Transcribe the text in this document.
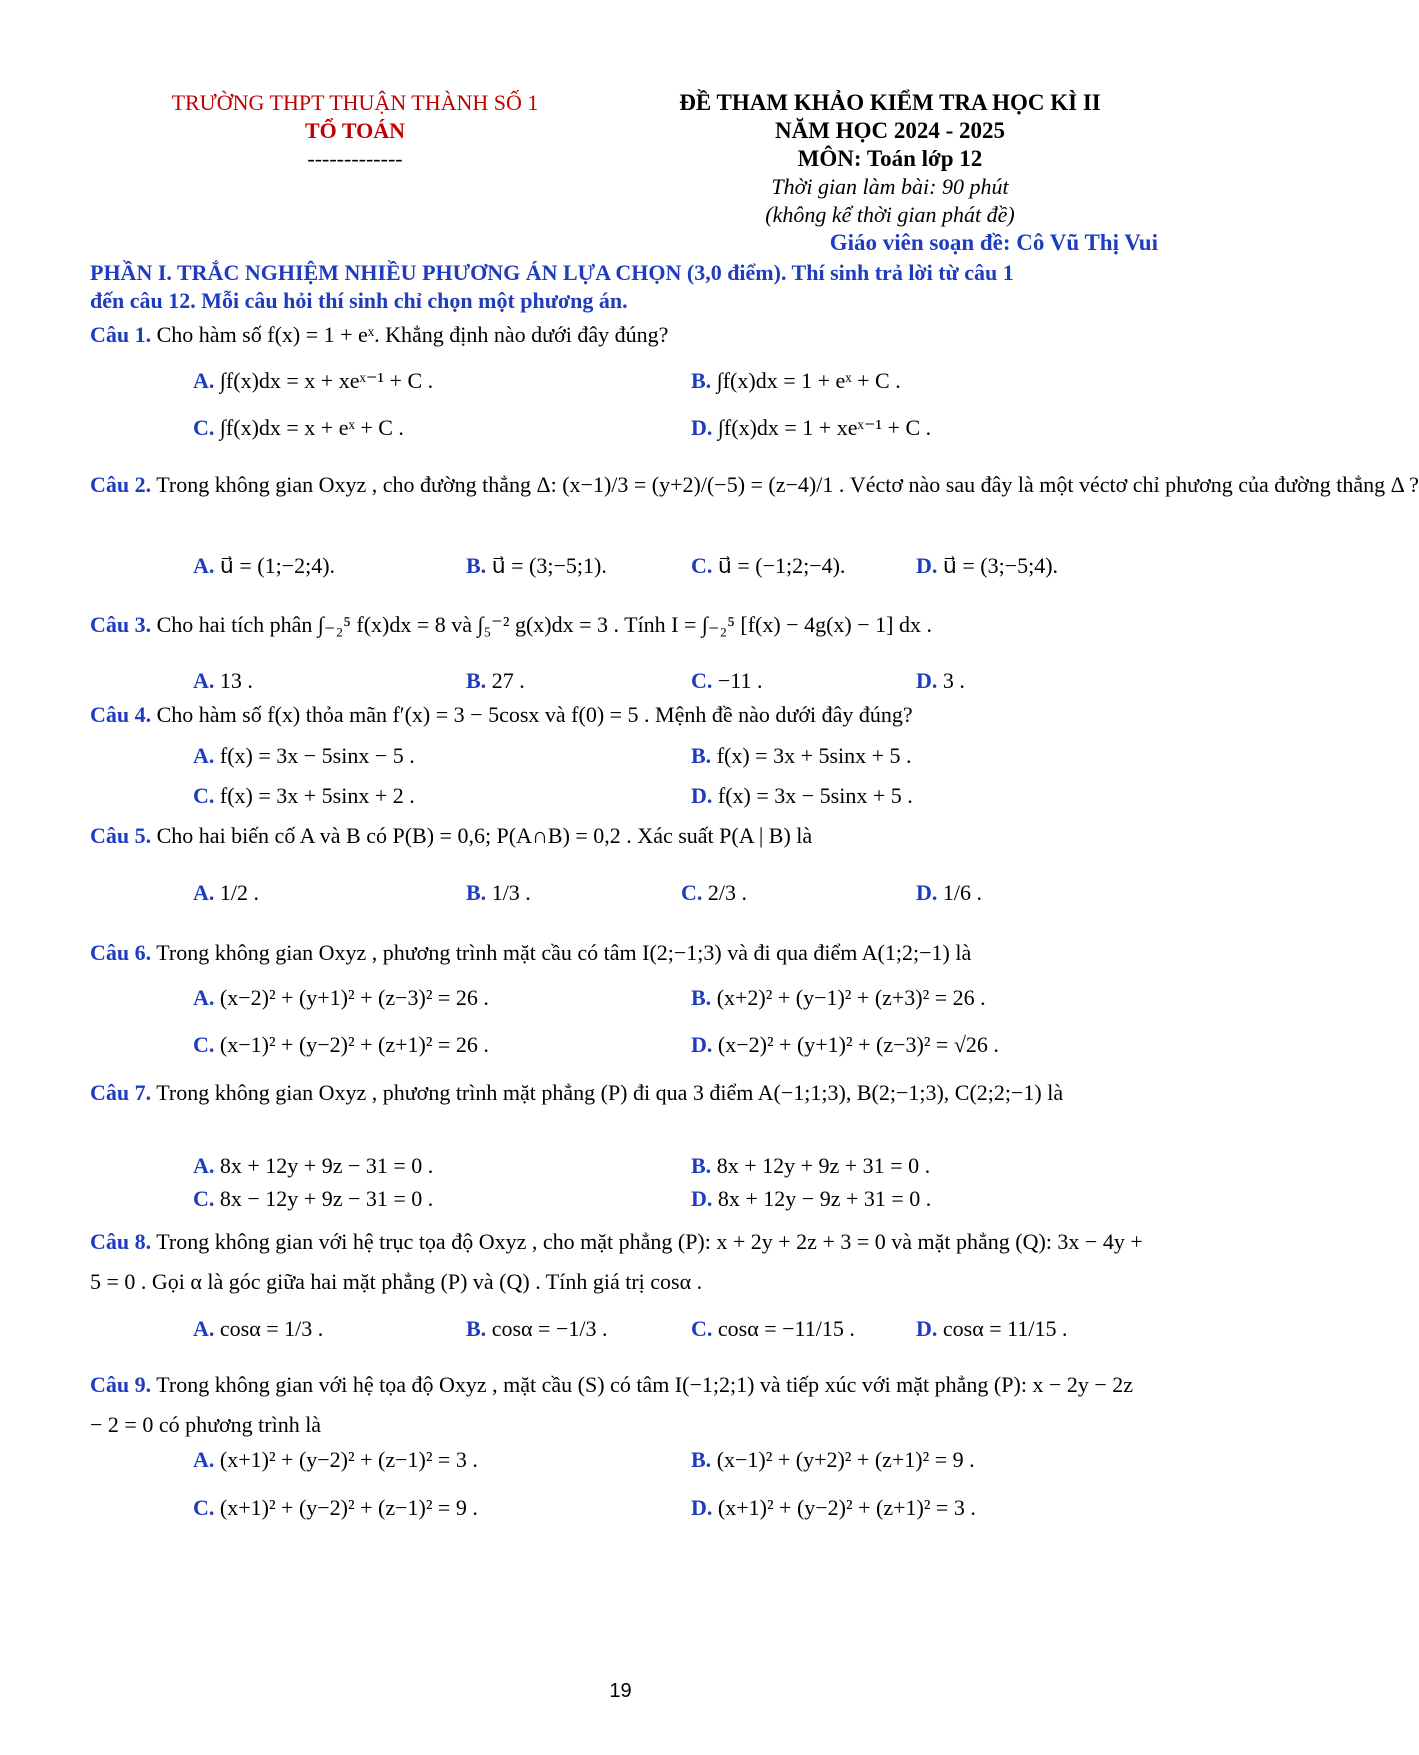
TRƯỜNG THPT THUẬN THÀNH SỐ 1
TỔ TOÁN
-------------
ĐỀ THAM KHẢO KIỂM TRA HỌC KÌ II
NĂM HỌC 2024 - 2025
MÔN: Toán lớp 12
Thời gian làm bài: 90 phút
(không kể thời gian phát đề)
Giáo viên soạn đề: Cô Vũ Thị Vui
PHẦN I. TRẮC NGHIỆM NHIỀU PHƯƠNG ÁN LỰA CHỌN (3,0 điểm). Thí sinh trả lời từ câu 1
đến câu 12. Mỗi câu hỏi thí sinh chỉ chọn một phương án.
Câu 1. Cho hàm số f(x) = 1 + eˣ. Khẳng định nào dưới đây đúng?
A. ∫f(x)dx = x + xeˣ⁻¹ + C .	B. ∫f(x)dx = 1 + eˣ + C .
C. ∫f(x)dx = x + eˣ + C .	D. ∫f(x)dx = 1 + xeˣ⁻¹ + C .
Câu 2. Trong không gian Oxyz , cho đường thẳng Δ: (x−1)/3 = (y+2)/(−5) = (z−4)/1 . Véctơ nào sau đây là một véctơ chỉ phương của đường thẳng Δ ?
A. u⃗ = (1;−2;4).	B. u⃗ = (3;−5;1).	C. u⃗ = (−1;2;−4).	D. u⃗ = (3;−5;4).
Câu 3. Cho hai tích phân ∫₋₂⁵ f(x)dx = 8 và ∫₅⁻² g(x)dx = 3 . Tính I = ∫₋₂⁵ [f(x) − 4g(x) − 1] dx .
A. 13 .	B. 27 .	C. −11 .	D. 3 .
Câu 4. Cho hàm số f(x) thỏa mãn f′(x) = 3 − 5cosx và f(0) = 5 . Mệnh đề nào dưới đây đúng?
A. f(x) = 3x − 5sinx − 5 .	B. f(x) = 3x + 5sinx + 5 .
C. f(x) = 3x + 5sinx + 2 .	D. f(x) = 3x − 5sinx + 5 .
Câu 5. Cho hai biến cố A và B có P(B) = 0,6; P(A∩B) = 0,2 . Xác suất P(A | B) là
A. 1/2 .	B. 1/3 .	C. 2/3 .	D. 1/6 .
Câu 6. Trong không gian Oxyz , phương trình mặt cầu có tâm I(2;−1;3) và đi qua điểm A(1;2;−1) là
A. (x−2)² + (y+1)² + (z−3)² = 26 .	B. (x+2)² + (y−1)² + (z+3)² = 26 .
C. (x−1)² + (y−2)² + (z+1)² = 26 .	D. (x−2)² + (y+1)² + (z−3)² = √26 .
Câu 7. Trong không gian Oxyz , phương trình mặt phẳng (P) đi qua 3 điểm A(−1;1;3), B(2;−1;3), C(2;2;−1) là
A. 8x + 12y + 9z − 31 = 0 .	B. 8x + 12y + 9z + 31 = 0 .
C. 8x − 12y + 9z − 31 = 0 .	D. 8x + 12y − 9z + 31 = 0 .
Câu 8. Trong không gian với hệ trục tọa độ Oxyz , cho mặt phẳng (P): x + 2y + 2z + 3 = 0 và mặt phẳng (Q): 3x − 4y + 5 = 0 . Gọi α là góc giữa hai mặt phẳng (P) và (Q) . Tính giá trị cosα .
A. cosα = 1/3 .	B. cosα = −1/3 .	C. cosα = −11/15 .	D. cosα = 11/15 .
Câu 9. Trong không gian với hệ tọa độ Oxyz , mặt cầu (S) có tâm I(−1;2;1) và tiếp xúc với mặt phẳng (P): x − 2y − 2z − 2 = 0 có phương trình là
A. (x+1)² + (y−2)² + (z−1)² = 3 .	B. (x−1)² + (y+2)² + (z+1)² = 9 .
C. (x+1)² + (y−2)² + (z−1)² = 9 .	D. (x+1)² + (y−2)² + (z+1)² = 3 .
19
